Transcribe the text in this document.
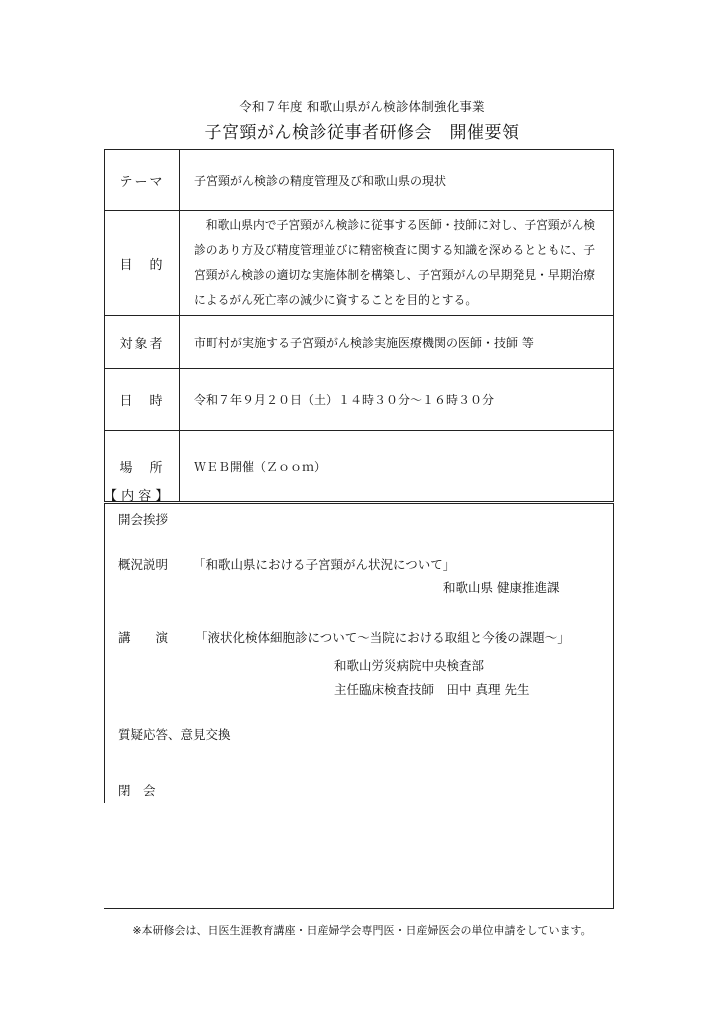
令和７年度 和歌山県がん検診体制強化事業
子宮頸がん検診従事者研修会　開催要領
テーマ	子宮頸がん検診の精度管理及び和歌山県の現状
目　的	和歌山県内で子宮頸がん検診に従事する医師・技師に対し、子宮頸がん検診のあり方及び精度管理並びに精密検査に関する知識を深めるとともに、子宮頸がん検診の適切な実施体制を構築し、子宮頸がんの早期発見・早期治療によるがん死亡率の減少に資することを目的とする。

対象者	市町村が実施する子宮頸がん検診実施医療機関の医師・技師 等
日　時	令和７年９月２０日（土）１４時３０分～１６時３０分
場　所	ＷＥＢ開催（Ｚｏｏｍ）
【 内 容 】
開会挨拶
概況説明 「和歌山県における子宮頸がん状況について」
和歌山県 健康推進課
講　　演 「液状化検体細胞診について～当院における取組と今後の課題～」
和歌山労災病院中央検査部
主任臨床検査技師　田中 真理 先生
質疑応答、意見交換
閉　会
※本研修会は、日医生涯教育講座・日産婦学会専門医・日産婦医会の単位申請をしています。
